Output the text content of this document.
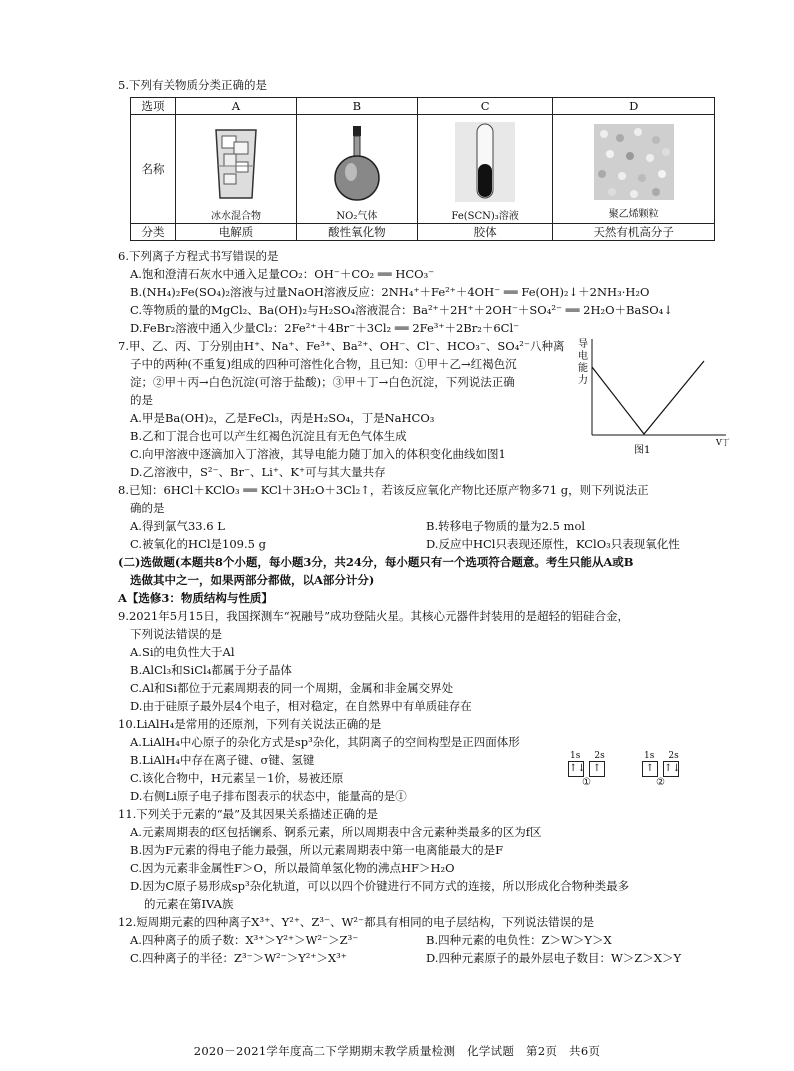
5.下列有关物质分类正确的是

选项	A	B	C	D
名称	冰水混合物	NO₂气体	Fe(SCN)₃溶液	聚乙烯颗粒

分类	电解质	酸性氧化物	胶体	天然有机高分子

6.下列离子方程式书写错误的是

A.饱和澄清石灰水中通入足量CO₂：OH⁻＋CO₂ ══ HCO₃⁻

B.(NH₄)₂Fe(SO₄)₂溶液与过量NaOH溶液反应：2NH₄⁺＋Fe²⁺＋4OH⁻ ══ Fe(OH)₂↓＋2NH₃·H₂O

C.等物质的量的MgCl₂、Ba(OH)₂与H₂SO₄溶液混合：Ba²⁺＋2H⁺＋2OH⁻＋SO₄²⁻ ══ 2H₂O＋BaSO₄↓

D.FeBr₂溶液中通入少量Cl₂：2Fe²⁺＋4Br⁻＋3Cl₂ ══ 2Fe³⁺＋2Br₂＋6Cl⁻

7.甲、乙、丙、丁分别由H⁺、Na⁺、Fe³⁺、Ba²⁺、OH⁻、Cl⁻、HCO₃⁻、SO₄²⁻八种离

子中的两种(不重复)组成的四种可溶性化合物，且已知：①甲＋乙→红褐色沉

淀；②甲＋丙→白色沉淀(可溶于盐酸)；③甲＋丁→白色沉淀，下列说法正确

的是

A.甲是Ba(OH)₂，乙是FeCl₃，丙是H₂SO₄，丁是NaHCO₃

B.乙和丁混合也可以产生红褐色沉淀且有无色气体生成

C.向甲溶液中逐滴加入丁溶液，其导电能力随丁加入的体积变化曲线如图1

D.乙溶液中，S²⁻、Br⁻、Li⁺、K⁺可与其大量共存

导
电
能
力
图1
V丁

8.已知：6HCl＋KClO₃ ══ KCl＋3H₂O＋3Cl₂↑，若该反应氧化产物比还原产物多71 g，则下列说法正

确的是

A.得到氯气33.6 L	B.转移电子物质的量为2.5 mol
C.被氧化的HCl是109.5 g	D.反应中HCl只表现还原性，KClO₃只表现氧化性

(二)选做题(本题共8个小题，每小题3分，共24分，每小题只有一个选项符合题意。考生只能从A或B

选做其中之一，如果两部分都做，以A部分计分)

A【选修3：物质结构与性质】

9.2021年5月15日，我国探测车“祝融号”成功登陆火星。其核心元器件封装用的是超轻的铝硅合金，

下列说法错误的是

A.Si的电负性大于Al

B.AlCl₃和SiCl₄都属于分子晶体

C.Al和Si都位于元素周期表的同一个周期，金属和非金属交界处

D.由于硅原子最外层4个电子，相对稳定，在自然界中有单质硅存在

10.LiAlH₄是常用的还原剂，下列有关说法正确的是

A.LiAlH₄中心原子的杂化方式是sp³杂化，其阴离子的空间构型是正四面体形

B.LiAlH₄中存在离子键、σ键、氢键

C.该化合物中，H元素呈－1价，易被还原

D.右侧Li原子电子排布图表示的状态中，能量高的是①

1s 2s
↑↓ ↑
①
1s 2s
↑ ↑↓
②

11.下列关于元素的“最”及其因果关系描述正确的是

A.元素周期表的f区包括镧系、锕系元素，所以周期表中含元素种类最多的区为f区

B.因为F元素的得电子能力最强，所以元素周期表中第一电离能最大的是F

C.因为元素非金属性F＞O，所以最简单氢化物的沸点HF＞H₂O

D.因为C原子易形成sp³杂化轨道，可以以四个价键进行不同方式的连接，所以形成化合物种类最多

的元素在第IVA族

12.短周期元素的四种离子X³⁺、Y²⁺、Z³⁻、W²⁻都具有相同的电子层结构，下列说法错误的是

A.四种离子的质子数：X³⁺＞Y²⁺＞W²⁻＞Z³⁻	B.四种元素的电负性：Z＞W＞Y＞X
C.四种离子的半径：Z³⁻＞W²⁻＞Y²⁺＞X³⁺	D.四种元素原子的最外层电子数目：W＞Z＞X＞Y
2020－2021学年度高二下学期期末教学质量检测　化学试题　第2页　共6页
